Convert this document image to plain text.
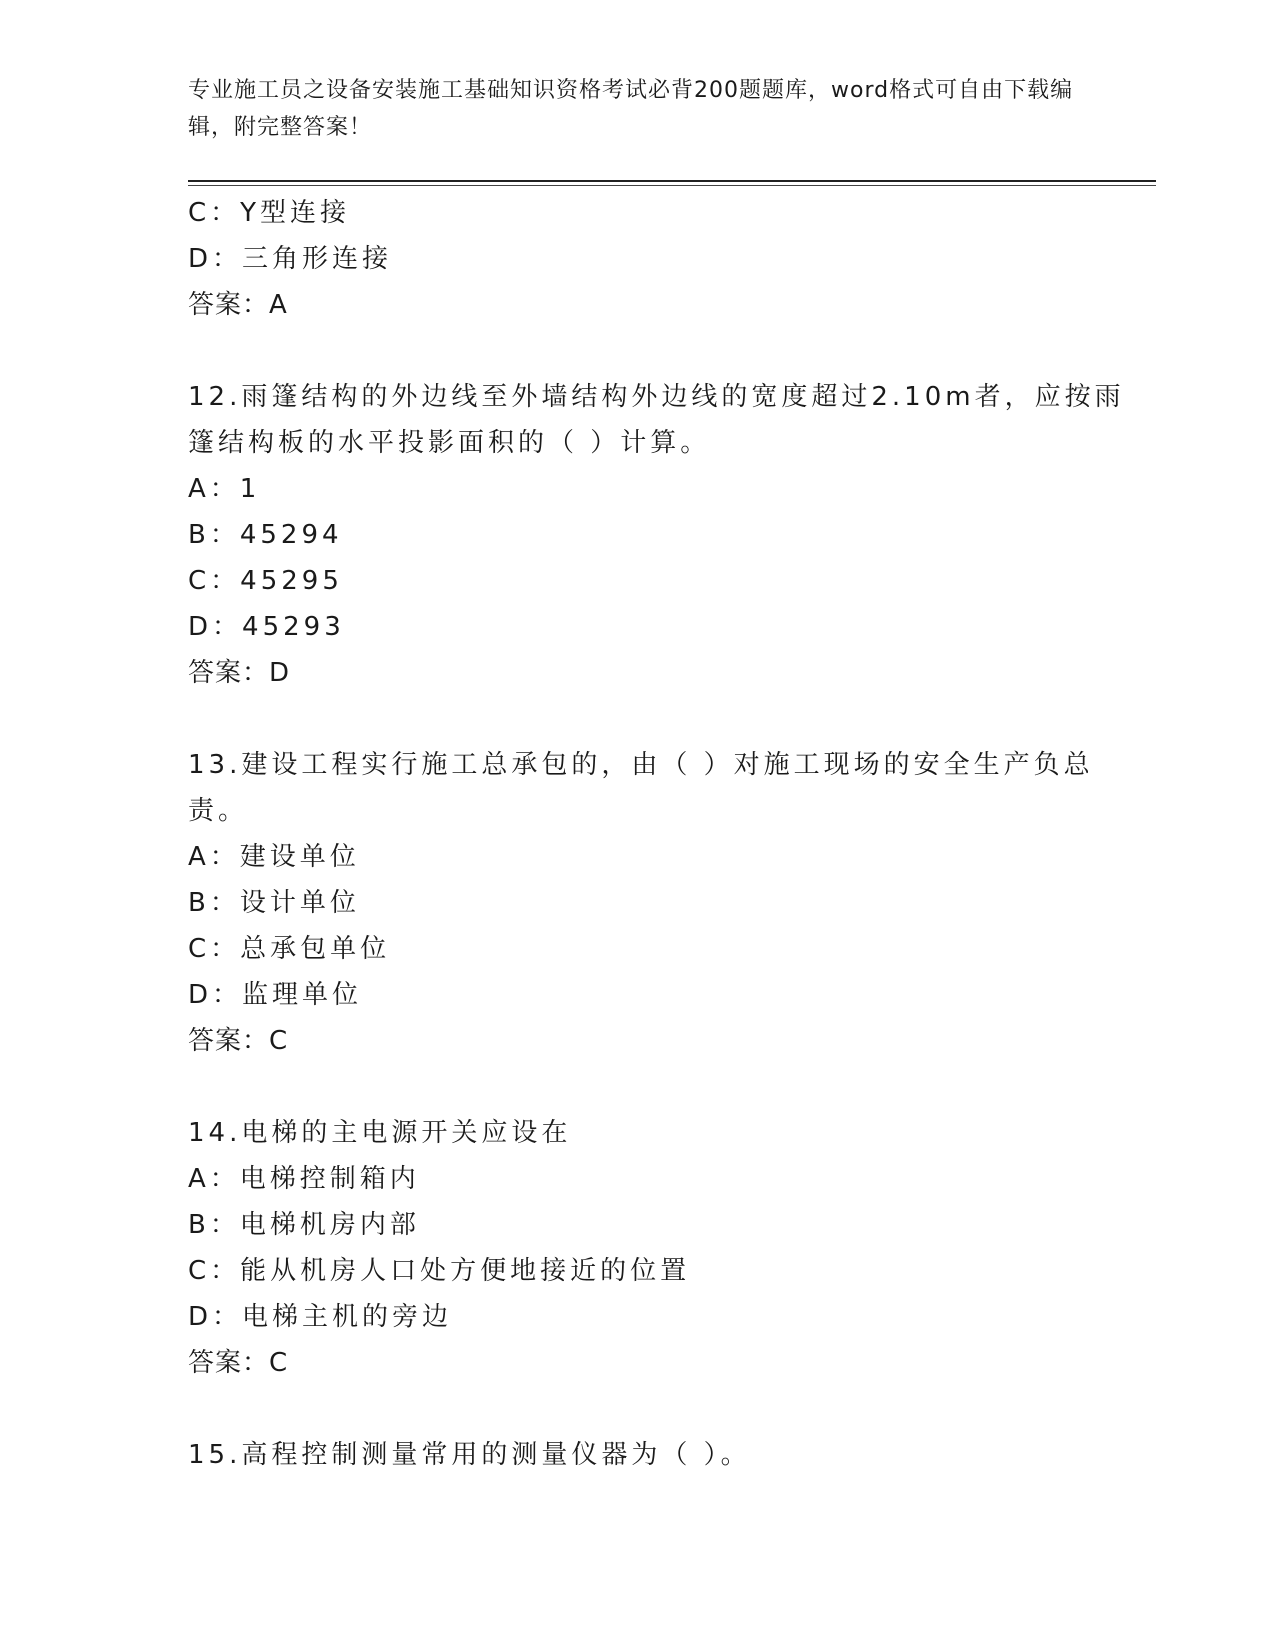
专业施工员之设备安装施工基础知识资格考试必背200题题库，word格式可自由下载编辑，附完整答案！
C：Y型连接
D：三角形连接
答案：A
12.雨篷结构的外边线至外墙结构外边线的宽度超过2.10m者，应按雨
篷结构板的水平投影面积的（ ）计算。
A：1
B：45294
C：45295
D：45293
答案：D
13.建设工程实行施工总承包的，由（ ）对施工现场的安全生产负总
责。
A：建设单位
B：设计单位
C：总承包单位
D：监理单位
答案：C
14.电梯的主电源开关应设在
A：电梯控制箱内
B：电梯机房内部
C：能从机房人口处方便地接近的位置
D：电梯主机的旁边
答案：C
15.高程控制测量常用的测量仪器为（ ）。
